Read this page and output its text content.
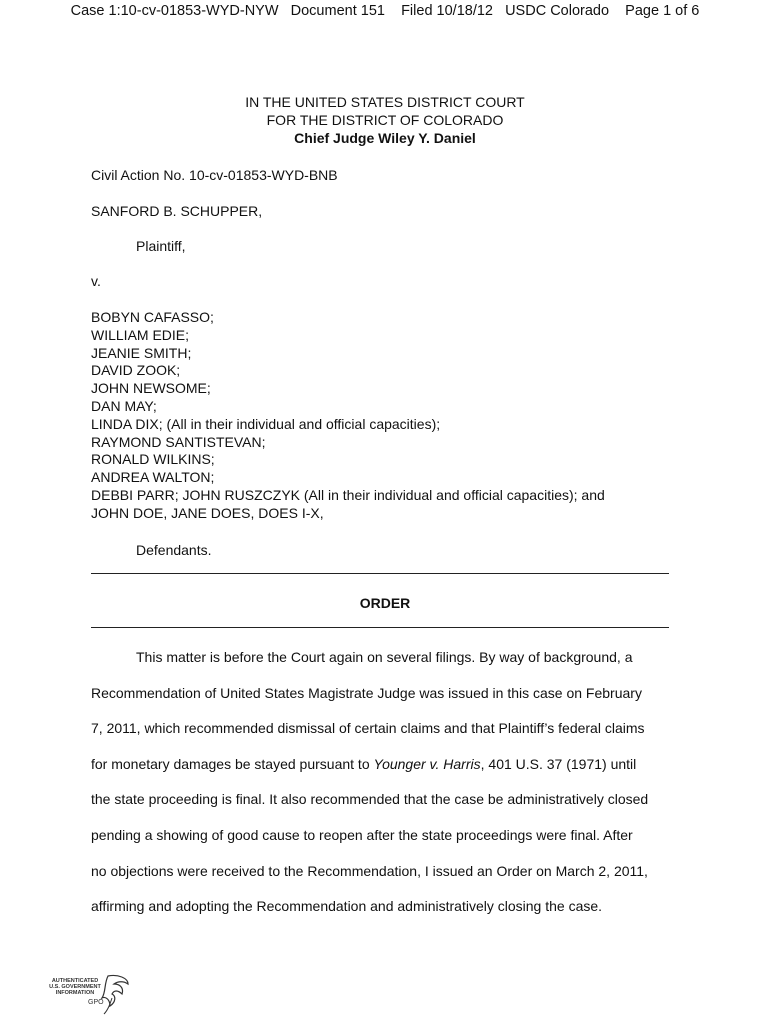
Case 1:10-cv-01853-WYD-NYW Document 151 Filed 10/18/12 USDC Colorado Page 1 of 6
IN THE UNITED STATES DISTRICT COURT
FOR THE DISTRICT OF COLORADO
Chief Judge Wiley Y. Daniel
Civil Action No. 10-cv-01853-WYD-BNB
SANFORD B. SCHUPPER,
Plaintiff,
v.
BOBYN CAFASSO;
WILLIAM EDIE;
JEANIE SMITH;
DAVID ZOOK;
JOHN NEWSOME;
DAN MAY;
LINDA DIX; (All in their individual and official capacities);
RAYMOND SANTISTEVAN;
RONALD WILKINS;
ANDREA WALTON;
DEBBI PARR; JOHN RUSZCZYK (All in their individual and official capacities); and
JOHN DOE, JANE DOES, DOES I-X,
Defendants.
ORDER
This matter is before the Court again on several filings. By way of background, a
Recommendation of United States Magistrate Judge was issued in this case on February
7, 2011, which recommended dismissal of certain claims and that Plaintiff’s federal claims
for monetary damages be stayed pursuant to Younger v. Harris, 401 U.S. 37 (1971) until
the state proceeding is final. It also recommended that the case be administratively closed
pending a showing of good cause to reopen after the state proceedings were final. After
no objections were received to the Recommendation, I issued an Order on March 2, 2011,
affirming and adopting the Recommendation and administratively closing the case.
AUTHENTICATED
U.S. GOVERNMENT
INFORMATION
GPO
